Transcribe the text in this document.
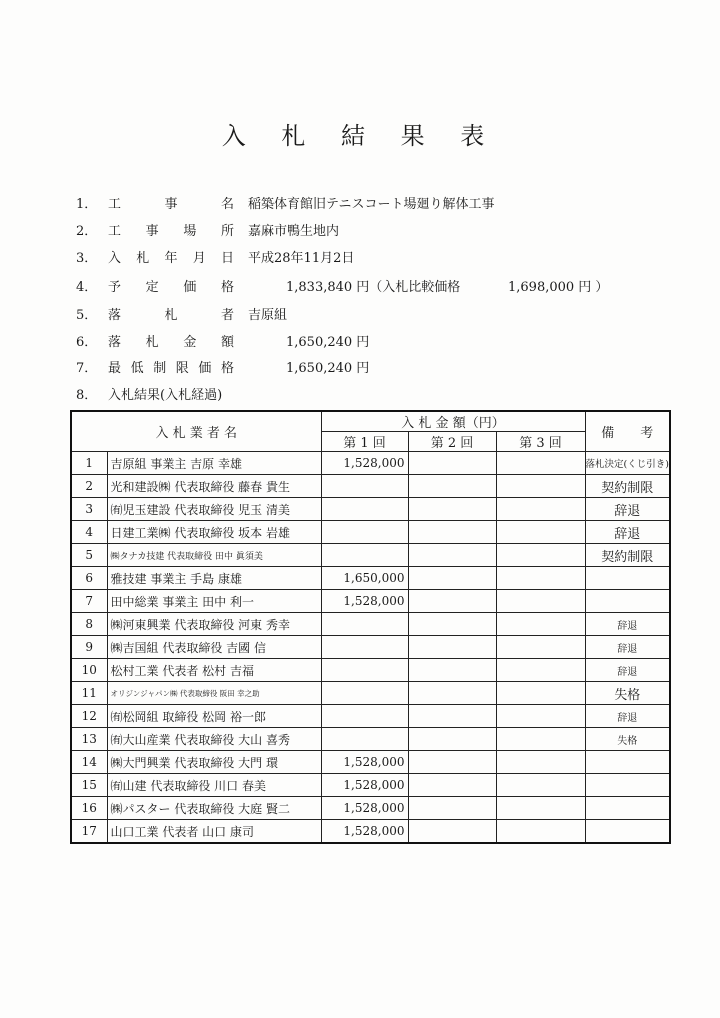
入 札 結 果 表
1． 工	事	名 稲築体育館旧テニスコート場廻り解体工事
2． 工 事 場 所 嘉麻市鴨生地内
3． 入 札 年 月 日 平成28年11月2日
4． 予 定 価 格	1,833,840 円（入札比較価格	1,698,000 円 ）
5． 落	札	者 吉原組
6． 落 札 金 額	1,650,240 円
7． 最 低 制 限 価 格	1,650,240 円
8． 入札結果(入札経過)
入 札 業 者 名		入 札 金 額（円）			備　　考
		第 1 回	第 2 回	第 3 回	
1	吉原組 事業主 吉原 幸雄	1,528,000			落札決定(くじ引き)
2	光和建設㈱ 代表取締役 藤春 貴生				契約制限
3	㈲児玉建設 代表取締役 児玉 清美				辞退
4	日建工業㈱ 代表取締役 坂本 岩雄				辞退
5	㈱タナカ技建 代表取締役 田中 眞須美				契約制限
6	雅技建 事業主 手島 康雄	1,650,000			
7	田中総業 事業主 田中 利一	1,528,000			
8	㈱河東興業 代表取締役 河東 秀幸				辞退
9	㈱吉国組 代表取締役 吉國 信				辞退
10	松村工業 代表者 松村 吉福				辞退
11	オリジンジャパン㈱ 代表取締役 阪田 幸之助				失格
12	㈲松岡組 取締役 松岡 裕一郎				辞退
13	㈲大山産業 代表取締役 大山 喜秀				失格
14	㈱大門興業 代表取締役 大門 環	1,528,000			
15	㈲山建 代表取締役 川口 春美	1,528,000			
16	㈱パスター 代表取締役 大庭 賢二	1,528,000			
17	山口工業 代表者 山口 康司	1,528,000			
